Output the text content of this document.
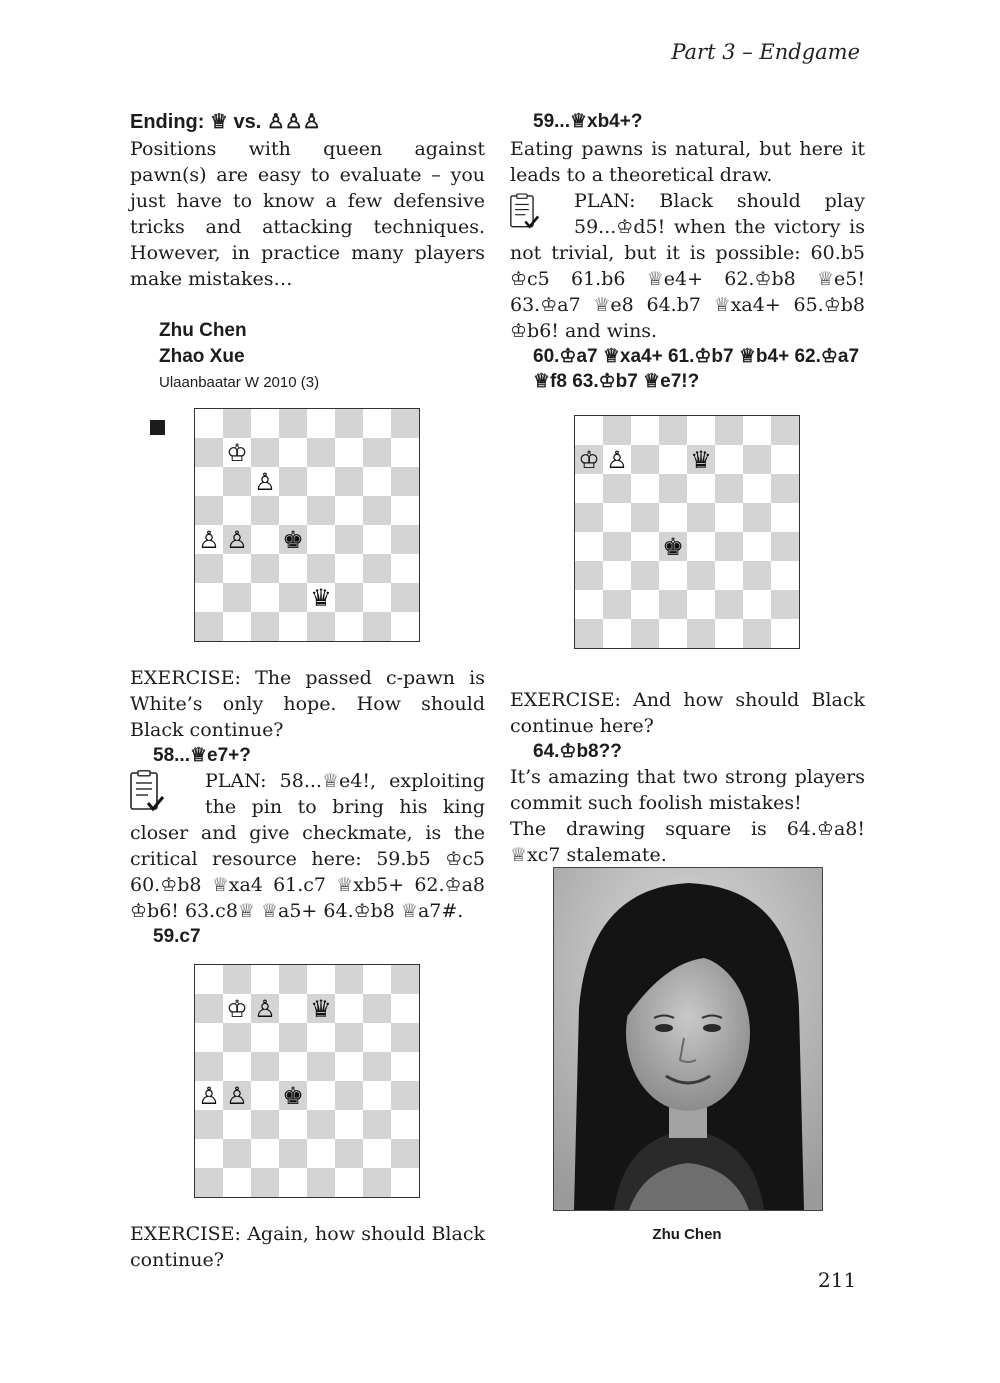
Part 3 – Endgame
Ending: ♕ vs. ♙♙♙
Positions with queen against pawn(s) are easy to evaluate – you just have to know a few defensive tricks and attacking techniques. However, in practice many players make mistakes…
Zhu Chen
Zhao Xue
Ulaanbaatar W 2010 (3)
♔
♙
♙ ♙ ♚
♛
EXERCISE: The passed c-pawn is White’s only hope. How should Black continue?
58...♕e7+?
PLAN: 58...♕e4!, exploiting the pin to bring his king closer and give checkmate, is the critical resource here: 59.b5 ♔c5 60.♔b8 ♕xa4 61.c7 ♕xb5+ 62.♔a8 ♔b6! 63.c8♕ ♕a5+ 64.♔b8 ♕a7#.
59.c7
♔ ♙ ♛
♙ ♙ ♚
EXERCISE: Again, how should Black continue?
59...♕xb4+?
Eating pawns is natural, but here it leads to a theoretical draw.
PLAN: Black should play 59...♔d5! when the victory is not trivial, but it is possible: 60.b5 ♔c5 61.b6 ♕e4+ 62.♔b8 ♕e5! 63.♔a7 ♕e8 64.b7 ♕xa4+ 65.♔b8 ♔b6! and wins.
60.♔a7 ♕xa4+ 61.♔b7 ♕b4+ 62.♔a7 ♕f8 63.♔b7 ♕e7!?
♔ ♙	♛
♚
EXERCISE: And how should Black continue here?
64.♔b8??
It’s amazing that two strong players commit such foolish mistakes!
The drawing square is 64.♔a8! ♕xc7 stalemate.
Zhu Chen
211
